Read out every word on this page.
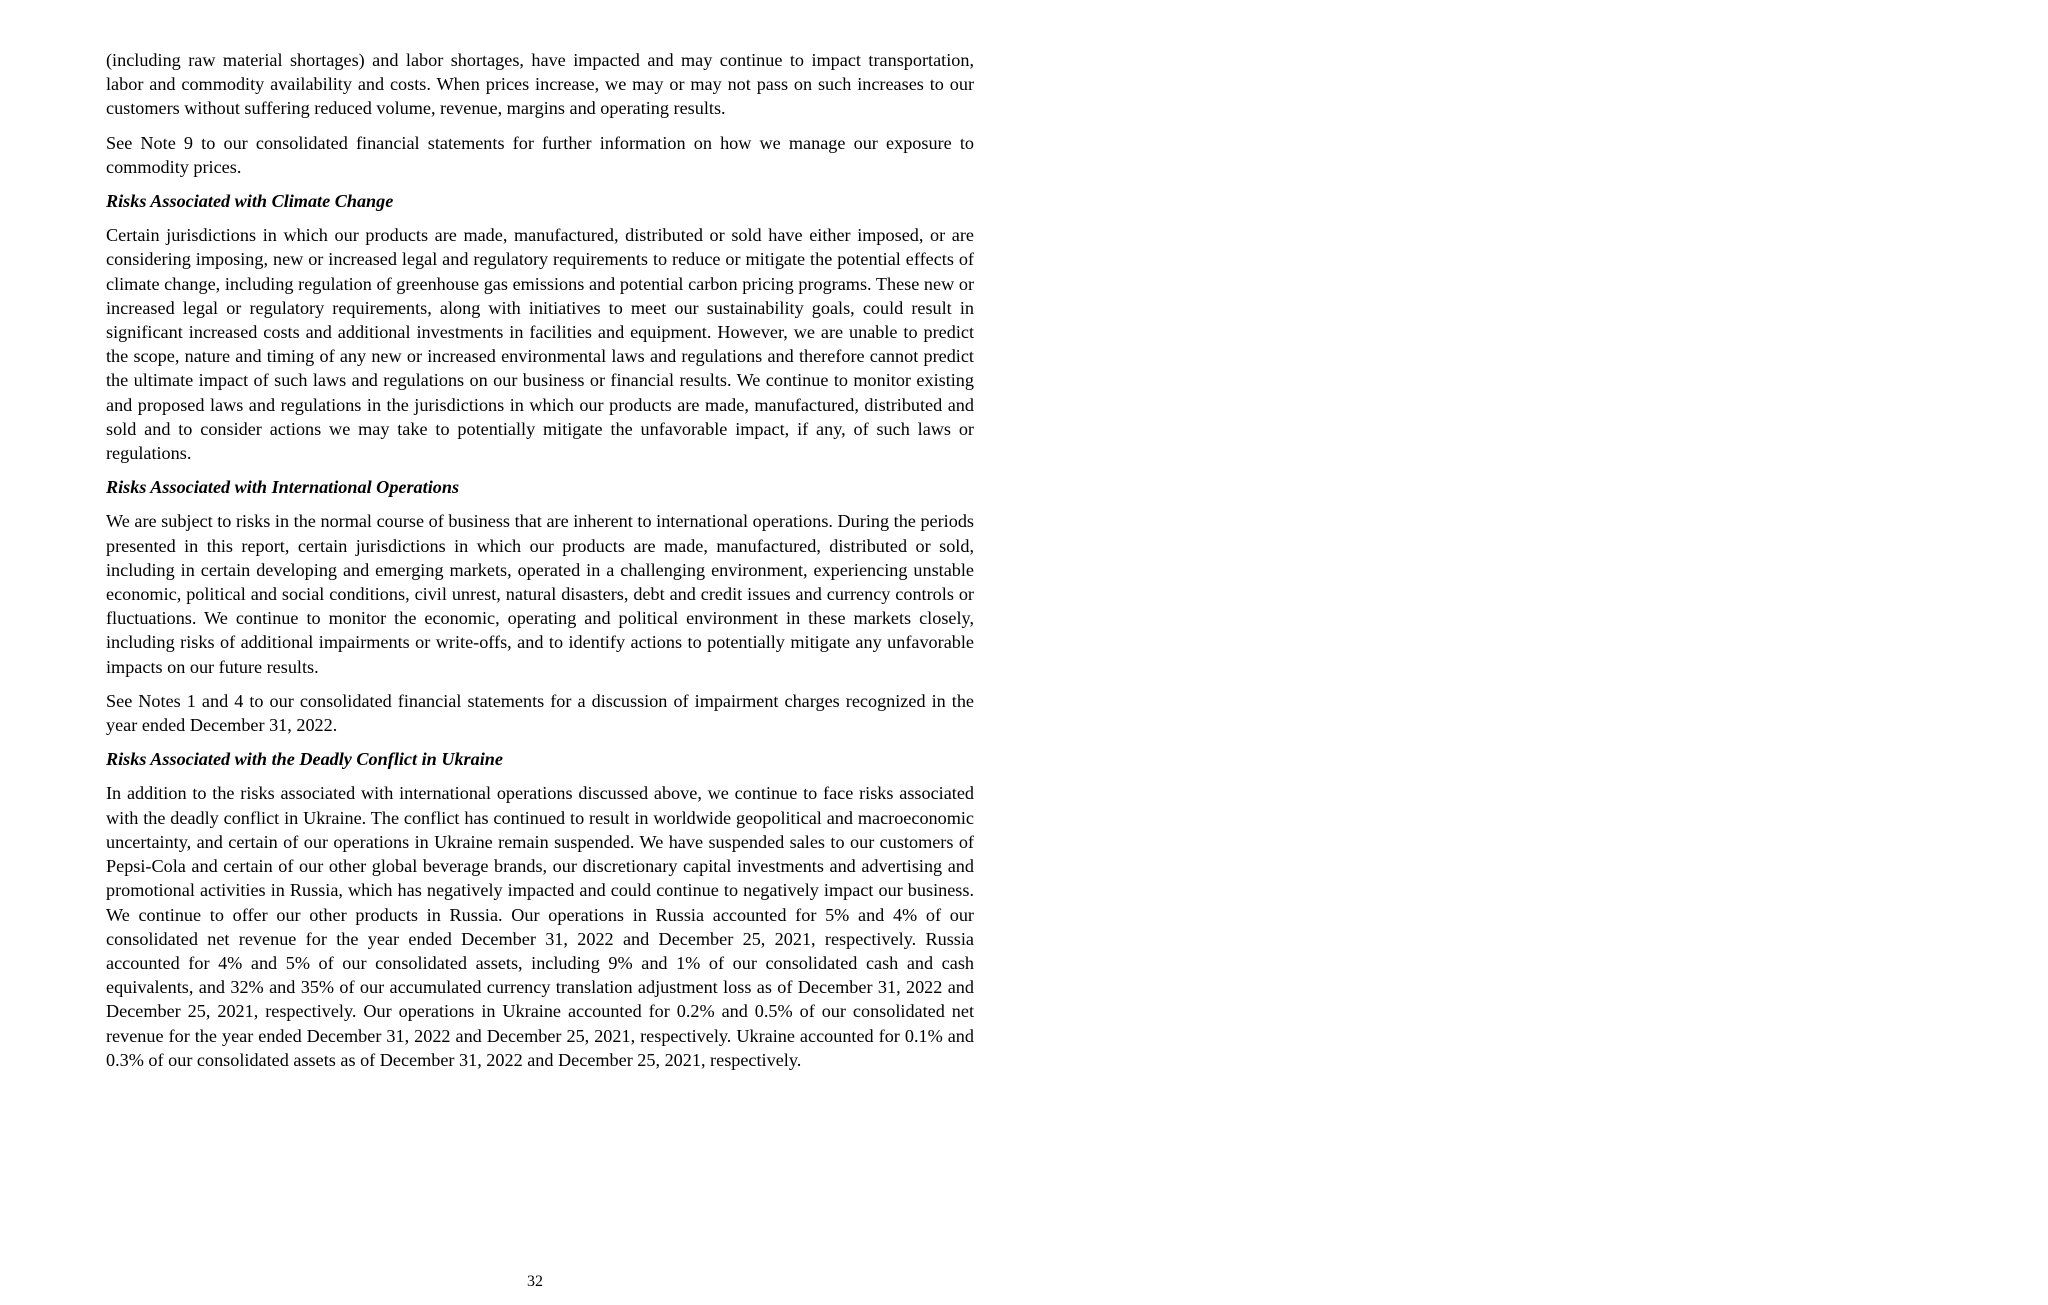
(including raw material shortages) and labor shortages, have impacted and may continue to impact transportation, labor and commodity availability and costs. When prices increase, we may or may not pass on such increases to our customers without suffering reduced volume, revenue, margins and operating results.

See Note 9 to our consolidated financial statements for further information on how we manage our exposure to commodity prices.

Risks Associated with Climate Change

Certain jurisdictions in which our products are made, manufactured, distributed or sold have either imposed, or are considering imposing, new or increased legal and regulatory requirements to reduce or mitigate the potential effects of climate change, including regulation of greenhouse gas emissions and potential carbon pricing programs. These new or increased legal or regulatory requirements, along with initiatives to meet our sustainability goals, could result in significant increased costs and additional investments in facilities and equipment. However, we are unable to predict the scope, nature and timing of any new or increased environmental laws and regulations and therefore cannot predict the ultimate impact of such laws and regulations on our business or financial results. We continue to monitor existing and proposed laws and regulations in the jurisdictions in which our products are made, manufactured, distributed and sold and to consider actions we may take to potentially mitigate the unfavorable impact, if any, of such laws or regulations.

Risks Associated with International Operations

We are subject to risks in the normal course of business that are inherent to international operations. During the periods presented in this report, certain jurisdictions in which our products are made, manufactured, distributed or sold, including in certain developing and emerging markets, operated in a challenging environment, experiencing unstable economic, political and social conditions, civil unrest, natural disasters, debt and credit issues and currency controls or fluctuations. We continue to monitor the economic, operating and political environment in these markets closely, including risks of additional impairments or write-offs, and to identify actions to potentially mitigate any unfavorable impacts on our future results.

See Notes 1 and 4 to our consolidated financial statements for a discussion of impairment charges recognized in the year ended December 31, 2022.

Risks Associated with the Deadly Conflict in Ukraine

In addition to the risks associated with international operations discussed above, we continue to face risks associated with the deadly conflict in Ukraine. The conflict has continued to result in worldwide geopolitical and macroeconomic uncertainty, and certain of our operations in Ukraine remain suspended. We have suspended sales to our customers of Pepsi-Cola and certain of our other global beverage brands, our discretionary capital investments and advertising and promotional activities in Russia, which has negatively impacted and could continue to negatively impact our business. We continue to offer our other products in Russia. Our operations in Russia accounted for 5% and 4% of our consolidated net revenue for the year ended December 31, 2022 and December 25, 2021, respectively. Russia accounted for 4% and 5% of our consolidated assets, including 9% and 1% of our consolidated cash and cash equivalents, and 32% and 35% of our accumulated currency translation adjustment loss as of December 31, 2022 and December 25, 2021, respectively. Our operations in Ukraine accounted for 0.2% and 0.5% of our consolidated net revenue for the year ended December 31, 2022 and December 25, 2021, respectively. Ukraine accounted for 0.1% and 0.3% of our consolidated assets as of December 31, 2022 and December 25, 2021, respectively.

32
